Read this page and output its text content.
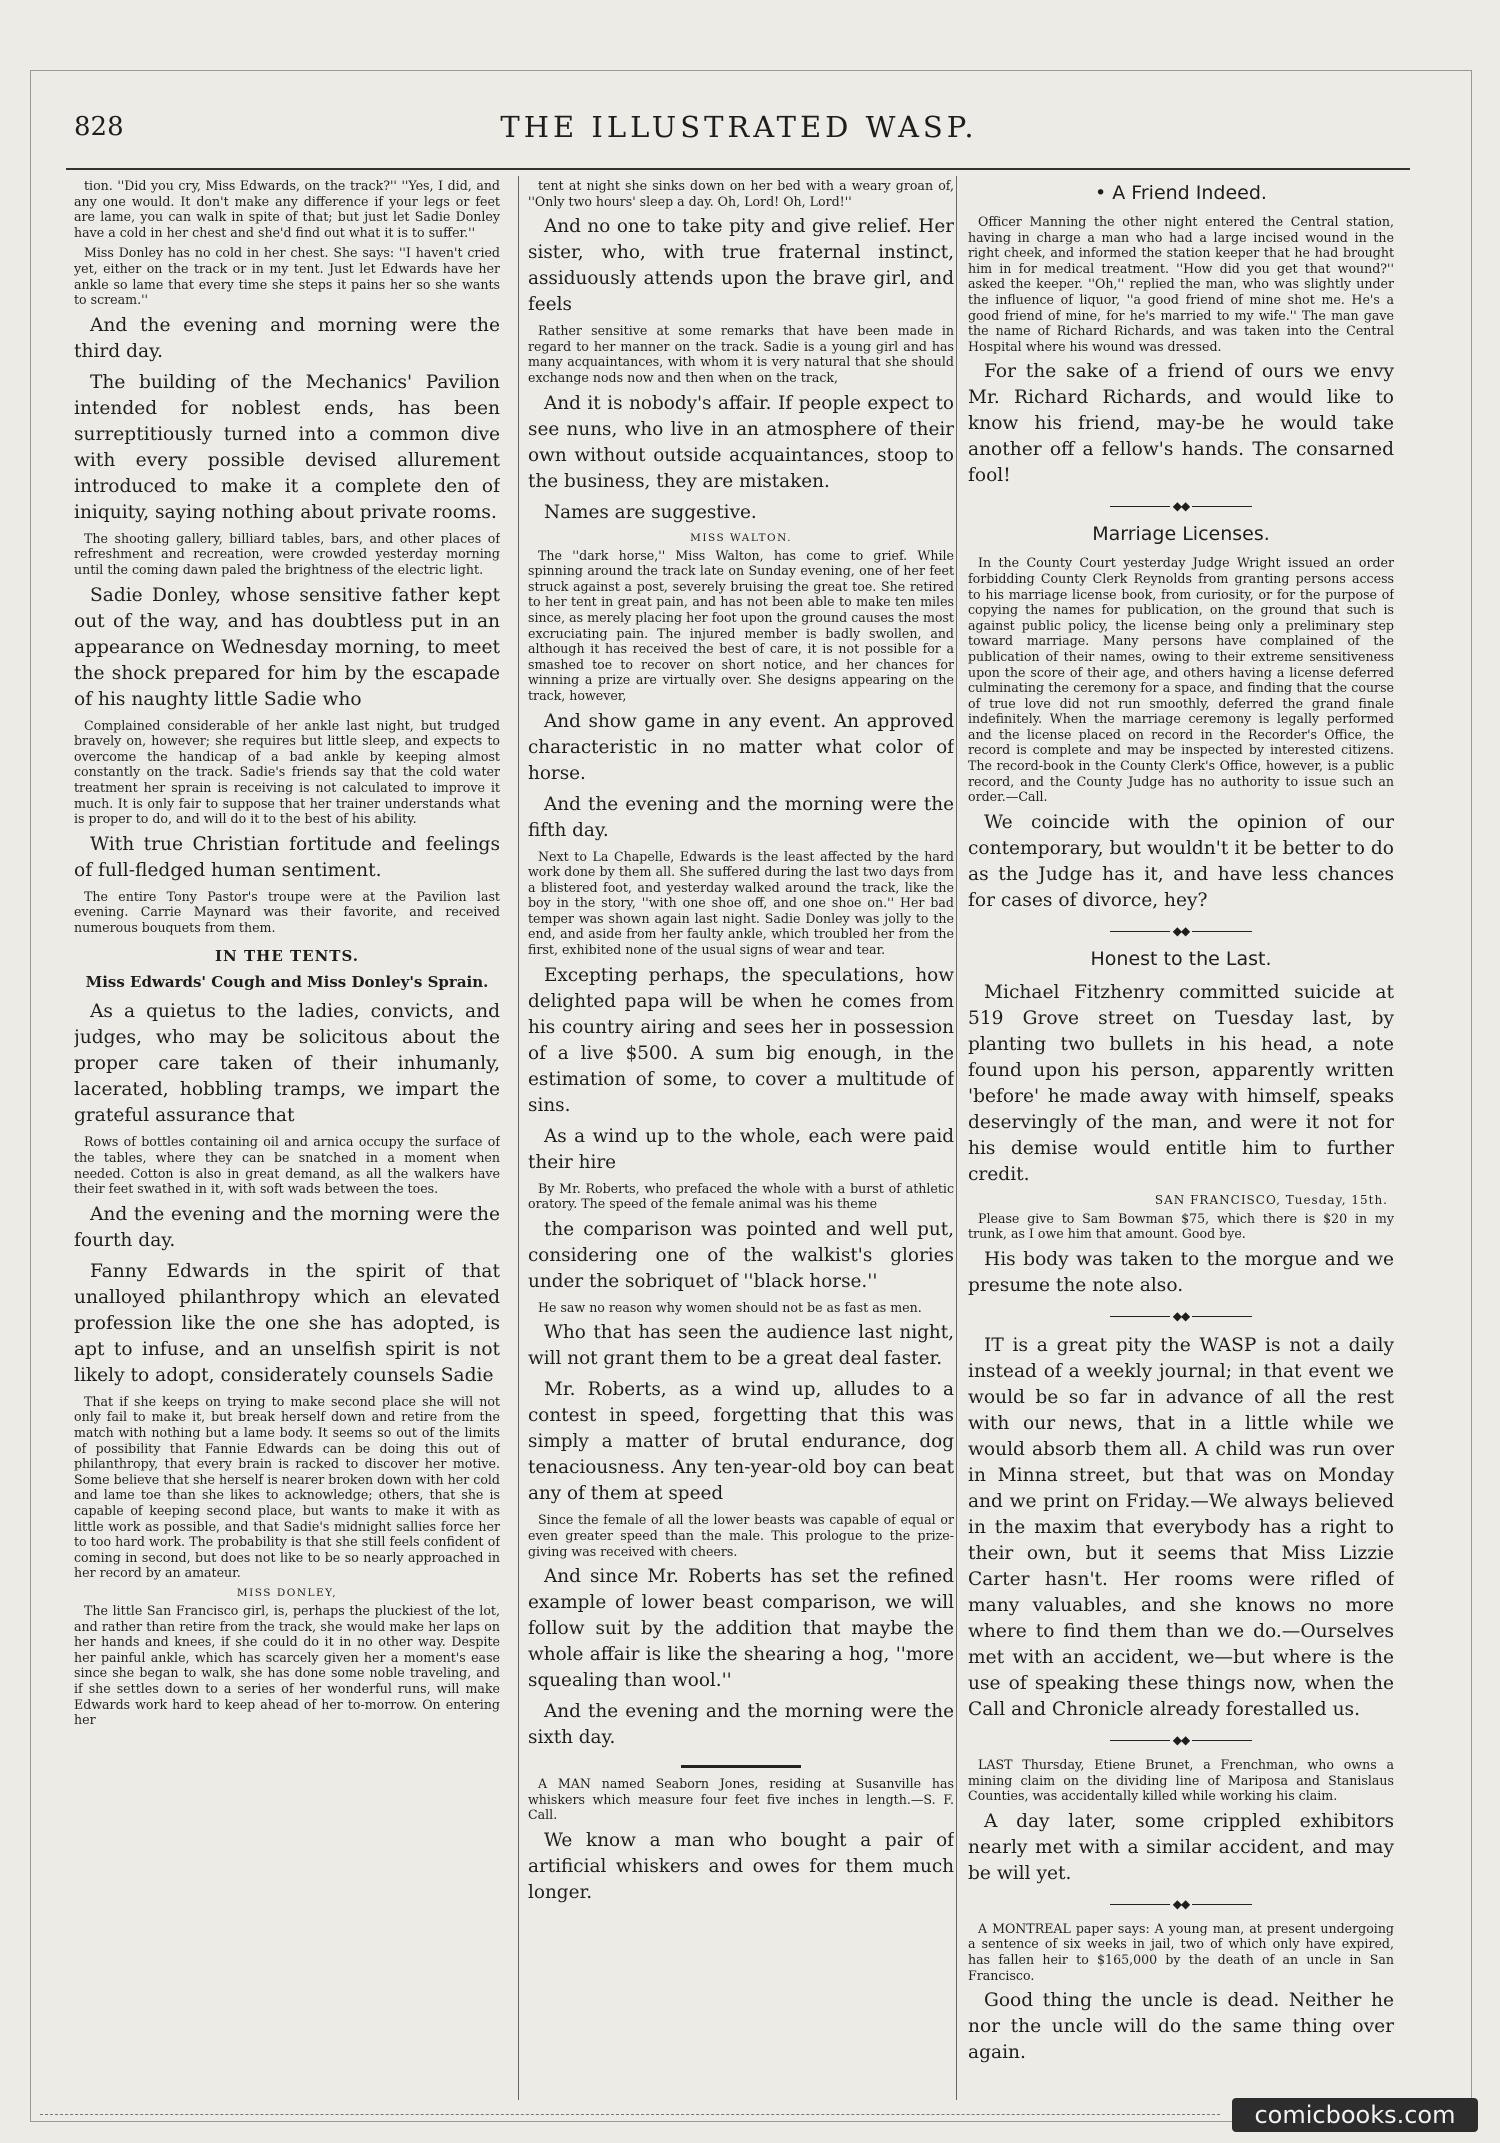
828	THE ILLUSTRATED WASP.

tion. ''Did you cry, Miss Edwards, on the track?'' ''Yes, I did, and any one would. It don't make any difference if your legs or feet are lame, you can walk in spite of that; but just let Sadie Donley have a cold in her chest and she'd find out what it is to suffer.''

Miss Donley has no cold in her chest. She says: ''I haven't cried yet, either on the track or in my tent. Just let Edwards have her ankle so lame that every time she steps it pains her so she wants to scream.''

And the evening and morning were the third day.

The building of the Mechanics' Pavilion intended for noblest ends, has been surreptitiously turned into a common dive with every possible devised allurement introduced to make it a complete den of iniquity, saying nothing about private rooms.

The shooting gallery, billiard tables, bars, and other places of refreshment and recreation, were crowded yesterday morning until the coming dawn paled the brightness of the electric light.

Sadie Donley, whose sensitive father kept out of the way, and has doubtless put in an appearance on Wednesday morning, to meet the shock prepared for him by the escapade of his naughty little Sadie who

Complained considerable of her ankle last night, but trudged bravely on, however; she requires but little sleep, and expects to overcome the handicap of a bad ankle by keeping almost constantly on the track. Sadie's friends say that the cold water treatment her sprain is receiving is not calculated to improve it much. It is only fair to suppose that her trainer understands what is proper to do, and will do it to the best of his ability.

With true Christian fortitude and feelings of full-fledged human sentiment.

The entire Tony Pastor's troupe were at the Pavilion last evening. Carrie Maynard was their favorite, and received numerous bouquets from them.

IN THE TENTS.
Miss Edwards' Cough and Miss Donley's Sprain.

As a quietus to the ladies, convicts, and judges, who may be solicitous about the proper care taken of their inhumanly, lacerated, hobbling tramps, we impart the grateful assurance that

Rows of bottles containing oil and arnica occupy the surface of the tables, where they can be snatched in a moment when needed. Cotton is also in great demand, as all the walkers have their feet swathed in it, with soft wads between the toes.

And the evening and the morning were the fourth day.

Fanny Edwards in the spirit of that unalloyed philanthropy which an elevated profession like the one she has adopted, is apt to infuse, and an unselfish spirit is not likely to adopt, considerately counsels Sadie

That if she keeps on trying to make second place she will not only fail to make it, but break herself down and retire from the match with nothing but a lame body. It seems so out of the limits of possibility that Fannie Edwards can be doing this out of philanthropy, that every brain is racked to discover her motive. Some believe that she herself is nearer broken down with her cold and lame toe than she likes to acknowledge; others, that she is capable of keeping second place, but wants to make it with as little work as possible, and that Sadie's midnight sallies force her to too hard work. The probability is that she still feels confident of coming in second, but does not like to be so nearly approached in her record by an amateur.

MISS DONLEY,

The little San Francisco girl, is, perhaps the pluckiest of the lot, and rather than retire from the track, she would make her laps on her hands and knees, if she could do it in no other way. Despite her painful ankle, which has scarcely given her a moment's ease since she began to walk, she has done some noble traveling, and if she settles down to a series of her wonderful runs, will make Edwards work hard to keep ahead of her to-morrow. On entering her

tent at night she sinks down on her bed with a weary groan of, ''Only two hours' sleep a day. Oh, Lord! Oh, Lord!''

And no one to take pity and give relief. Her sister, who, with true fraternal instinct, assiduously attends upon the brave girl, and feels

Rather sensitive at some remarks that have been made in regard to her manner on the track. Sadie is a young girl and has many acquaintances, with whom it is very natural that she should exchange nods now and then when on the track,

And it is nobody's affair. If people expect to see nuns, who live in an atmosphere of their own without outside acquaintances, stoop to the business, they are mistaken.

Names are suggestive.

MISS WALTON.

The ''dark horse,'' Miss Walton, has come to grief. While spinning around the track late on Sunday evening, one of her feet struck against a post, severely bruising the great toe. She retired to her tent in great pain, and has not been able to make ten miles since, as merely placing her foot upon the ground causes the most excruciating pain. The injured member is badly swollen, and although it has received the best of care, it is not possible for a smashed toe to recover on short notice, and her chances for winning a prize are virtually over. She designs appearing on the track, however,

And show game in any event. An approved characteristic in no matter what color of horse.

And the evening and the morning were the fifth day.

Next to La Chapelle, Edwards is the least affected by the hard work done by them all. She suffered during the last two days from a blistered foot, and yesterday walked around the track, like the boy in the story, ''with one shoe off, and one shoe on.'' Her bad temper was shown again last night. Sadie Donley was jolly to the end, and aside from her faulty ankle, which troubled her from the first, exhibited none of the usual signs of wear and tear.

Excepting perhaps, the speculations, how delighted papa will be when he comes from his country airing and sees her in possession of a live $500. A sum big enough, in the estimation of some, to cover a multitude of sins.

As a wind up to the whole, each were paid their hire

By Mr. Roberts, who prefaced the whole with a burst of athletic oratory. The speed of the female animal was his theme

the comparison was pointed and well put, considering one of the walkist's glories under the sobriquet of ''black horse.''

He saw no reason why women should not be as fast as men.

Who that has seen the audience last night, will not grant them to be a great deal faster.

Mr. Roberts, as a wind up, alludes to a contest in speed, forgetting that this was simply a matter of brutal endurance, dog tenaciousness. Any ten-year-old boy can beat any of them at speed

Since the female of all the lower beasts was capable of equal or even greater speed than the male. This prologue to the prize-giving was received with cheers.

And since Mr. Roberts has set the refined example of lower beast comparison, we will follow suit by the addition that maybe the whole affair is like the shearing a hog, ''more squealing than wool.''

And the evening and the morning were the sixth day.

A MAN named Seaborn Jones, residing at Susanville has whiskers which measure four feet five inches in length.—S. F. Call.

We know a man who bought a pair of artificial whiskers and owes for them much longer.

• A Friend Indeed.

Officer Manning the other night entered the Central station, having in charge a man who had a large incised wound in the right cheek, and informed the station keeper that he had brought him in for medical treatment. ''How did you get that wound?'' asked the keeper. ''Oh,'' replied the man, who was slightly under the influence of liquor, ''a good friend of mine shot me. He's a good friend of mine, for he's married to my wife.'' The man gave the name of Richard Richards, and was taken into the Central Hospital where his wound was dressed.

For the sake of a friend of ours we envy Mr. Richard Richards, and would like to know his friend, may-be he would take another off a fellow's hands. The consarned fool!

◆◆
Marriage Licenses.

In the County Court yesterday Judge Wright issued an order forbidding County Clerk Reynolds from granting persons access to his marriage license book, from curiosity, or for the purpose of copying the names for publication, on the ground that such is against public policy, the license being only a preliminary step toward marriage. Many persons have complained of the publication of their names, owing to their extreme sensitiveness upon the score of their age, and others having a license deferred culminating the ceremony for a space, and finding that the course of true love did not run smoothly, deferred the grand finale indefinitely. When the marriage ceremony is legally performed and the license placed on record in the Recorder's Office, the record is complete and may be inspected by interested citizens. The record-book in the County Clerk's Office, however, is a public record, and the County Judge has no authority to issue such an order.—Call.

We coincide with the opinion of our contemporary, but wouldn't it be better to do as the Judge has it, and have less chances for cases of divorce, hey?

◆◆
Honest to the Last.

Michael Fitzhenry committed suicide at 519 Grove street on Tuesday last, by planting two bullets in his head, a note found upon his person, apparently written 'before' he made away with himself, speaks deservingly of the man, and were it not for his demise would entitle him to further credit.

SAN FRANCISCO, Tuesday, 15th.

Please give to Sam Bowman $75, which there is $20 in my trunk, as I owe him that amount. Good bye.

His body was taken to the morgue and we presume the note also.

◆◆

IT is a great pity the WASP is not a daily instead of a weekly journal; in that event we would be so far in advance of all the rest with our news, that in a little while we would absorb them all. A child was run over in Minna street, but that was on Monday and we print on Friday.—We always believed in the maxim that everybody has a right to their own, but it seems that Miss Lizzie Carter hasn't. Her rooms were rifled of many valuables, and she knows no more where to find them than we do.—Ourselves met with an accident, we—but where is the use of speaking these things now, when the Call and Chronicle already forestalled us.

◆◆

LAST Thursday, Etiene Brunet, a Frenchman, who owns a mining claim on the dividing line of Mariposa and Stanislaus Counties, was accidentally killed while working his claim.

A day later, some crippled exhibitors nearly met with a similar accident, and may be will yet.

◆◆

A MONTREAL paper says: A young man, at present undergoing a sentence of six weeks in jail, two of which only have expired, has fallen heir to $165,000 by the death of an uncle in San Francisco.

Good thing the uncle is dead. Neither he nor the uncle will do the same thing over again.

comicbooks.com
